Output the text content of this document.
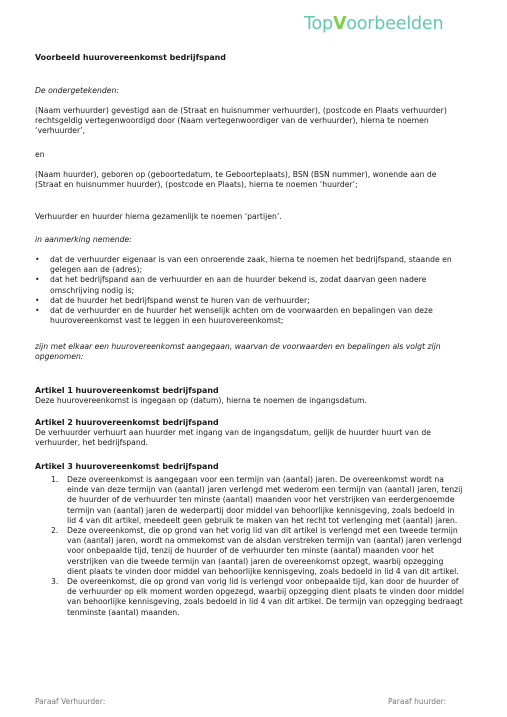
TopVoorbeelden
Voorbeeld huurovereenkomst bedrijfspand

De ondergetekenden:

(Naam verhuurder) gevestigd aan de (Straat en huisnummer verhuurder), (postcode en Plaats verhuurder) rechtsgeldig vertegenwoordigd door (Naam vertegenwoordiger van de verhuurder), hierna te noemen ‘verhuurder’,

en

(Naam huurder), geboren op (geboortedatum, te Geboorteplaats), BSN (BSN nummer), wonende aan de (Straat en huisnummer huurder), (postcode en Plaats), hierna te noemen ‘huurder’;

Verhuurder en huurder hierna gezamenlijk te noemen ‘partijen’.

in aanmerking nemende:

• dat de verhuurder eigenaar is van een onroerende zaak, hierna te noemen het bedrijfspand, staande en gelegen aan de (adres);
• dat het bedrijfspand aan de verhuurder en aan de huurder bekend is, zodat daarvan geen nadere omschrijving nodig is;
• dat de huurder het bedrijfspand wenst te huren van de verhuurder;
• dat de verhuurder en de huurder het wenselijk achten om de voorwaarden en bepalingen van deze huurovereenkomst vast te leggen in een huurovereenkomst;

zijn met elkaar een huurovereenkomst aangegaan, waarvan de voorwaarden en bepalingen als volgt zijn opgenomen:

Artikel 1 huurovereenkomst bedrijfspand

Deze huurovereenkomst is ingegaan op (datum), hierna te noemen de ingangsdatum.

Artikel 2 huurovereenkomst bedrijfspand

De verhuurder verhuurt aan huurder met ingang van de ingangsdatum, gelijk de huurder huurt van de verhuurder, het bedrijfspand.

Artikel 3 huurovereenkomst bedrijfspand

1. Deze overeenkomst is aangegaan voor een termijn van (aantal) jaren. De overeenkomst wordt na einde van deze termijn van (aantal) jaren verlengd met wederom een termijn van (aantal) jaren, tenzij de huurder of de verhuurder ten minste (aantal) maanden voor het verstrijken van eerdergenoemde termijn van (aantal) jaren de wederpartij door middel van behoorlijke kennisgeving, zoals bedoeld in lid 4 van dit artikel, meedeelt geen gebruik te maken van het recht tot verlenging met (aantal) jaren.
2. Deze overeenkomst, die op grond van het vorig lid van dit artikel is verlengd met een tweede termijn van (aantal) jaren, wordt na ommekomst van de alsdan verstreken termijn van (aantal) jaren verlengd voor onbepaalde tijd, tenzij de huurder of de verhuurder ten minste (aantal) maanden voor het verstrijken van die tweede termijn van (aantal) jaren de overeenkomst opzegt, waarbij opzegging dient plaats te vinden door middel van behoorlijke kennisgeving, zoals bedoeld in lid 4 van dit artikel.
3. De overeenkomst, die op grond van vorig lid is verlengd voor onbepaalde tijd, kan door de huurder of de verhuurder op elk moment worden opgezegd, waarbij opzegging dient plaats te vinden door middel van behoorlijke kennisgeving, zoals bedoeld in lid 4 van dit artikel. De termijn van opzegging bedraagt tenminste (aantal) maanden.
Paraaf Verhuurder:	Paraaf huurder:
